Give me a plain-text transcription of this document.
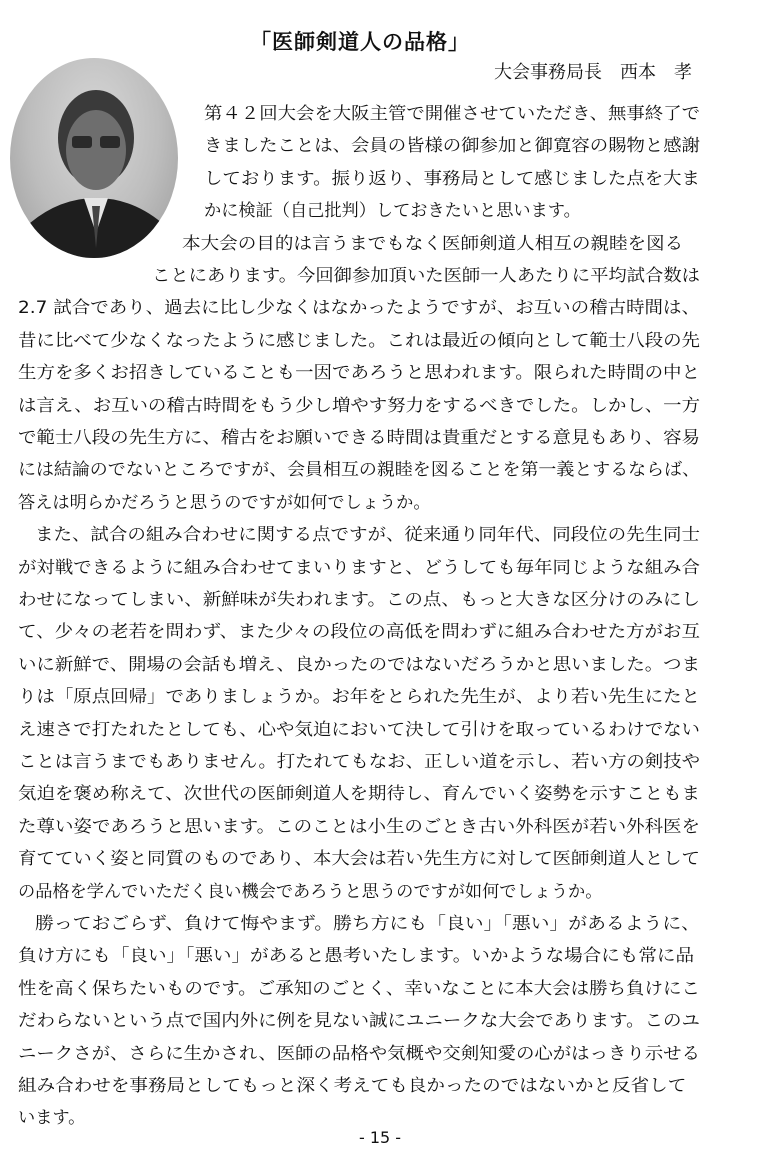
「医師剣道人の品格」
大会事務局長　西本　孝
第４２回大会を大阪主管で開催させていただき、無事終了で
きましたことは、会員の皆様の御参加と御寛容の賜物と感謝
しております。振り返り、事務局として感じました点を大ま
かに検証（自己批判）しておきたいと思います。
本大会の目的は言うまでもなく医師剣道人相互の親睦を図る
ことにあります。今回御参加頂いた医師一人あたりに平均試合数は
2.7 試合であり、過去に比し少なくはなかったようですが、お互いの稽古時間は、
昔に比べて少なくなったように感じました。これは最近の傾向として範士八段の先
生方を多くお招きしていることも一因であろうと思われます。限られた時間の中と
は言え、お互いの稽古時間をもう少し増やす努力をするべきでした。しかし、一方
で範士八段の先生方に、稽古をお願いできる時間は貴重だとする意見もあり、容易
には結論のでないところですが、会員相互の親睦を図ることを第一義とするならば、
答えは明らかだろうと思うのですが如何でしょうか。
また、試合の組み合わせに関する点ですが、従来通り同年代、同段位の先生同士
が対戦できるように組み合わせてまいりますと、どうしても毎年同じような組み合
わせになってしまい、新鮮味が失われます。この点、もっと大きな区分けのみにし
て、少々の老若を問わず、また少々の段位の高低を問わずに組み合わせた方がお互
いに新鮮で、開場の会話も増え、良かったのではないだろうかと思いました。つま
りは「原点回帰」でありましょうか。お年をとられた先生が、より若い先生にたと
え速さで打たれたとしても、心や気迫において決して引けを取っているわけでない
ことは言うまでもありません。打たれてもなお、正しい道を示し、若い方の剣技や
気迫を褒め称えて、次世代の医師剣道人を期待し、育んでいく姿勢を示すこともま
た尊い姿であろうと思います。このことは小生のごとき古い外科医が若い外科医を
育てていく姿と同質のものであり、本大会は若い先生方に対して医師剣道人として
の品格を学んでいただく良い機会であろうと思うのですが如何でしょうか。
勝っておごらず、負けて悔やまず。勝ち方にも「良い」「悪い」があるように、
負け方にも「良い」「悪い」があると愚考いたします。いかような場合にも常に品
性を高く保ちたいものです。ご承知のごとく、幸いなことに本大会は勝ち負けにこ
だわらないという点で国内外に例を見ない誠にユニークな大会であります。このユ
ニークさが、さらに生かされ、医師の品格や気概や交剣知愛の心がはっきり示せる
組み合わせを事務局としてもっと深く考えても良かったのではないかと反省して
います。
- 15 -
